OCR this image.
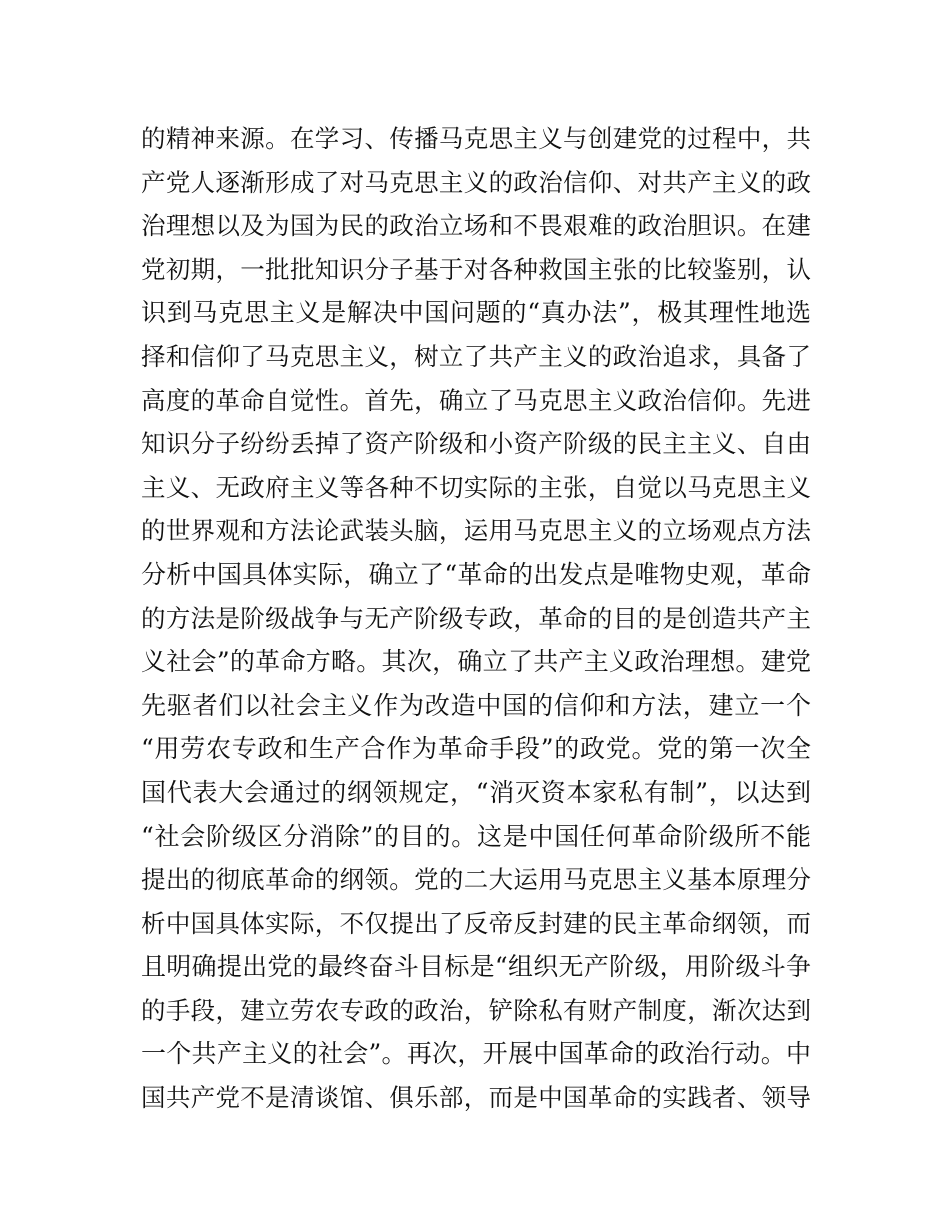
的精神来源。在学习、传播马克思主义与创建党的过程中，共
产党人逐渐形成了对马克思主义的政治信仰、对共产主义的政
治理想以及为国为民的政治立场和不畏艰难的政治胆识。在建
党初期，一批批知识分子基于对各种救国主张的比较鉴别，认
识到马克思主义是解决中国问题的“真办法”，极其理性地选
择和信仰了马克思主义，树立了共产主义的政治追求，具备了
高度的革命自觉性。首先，确立了马克思主义政治信仰。先进
知识分子纷纷丢掉了资产阶级和小资产阶级的民主主义、自由
主义、无政府主义等各种不切实际的主张，自觉以马克思主义
的世界观和方法论武装头脑，运用马克思主义的立场观点方法
分析中国具体实际，确立了“革命的出发点是唯物史观，革命
的方法是阶级战争与无产阶级专政，革命的目的是创造共产主
义社会”的革命方略。其次，确立了共产主义政治理想。建党
先驱者们以社会主义作为改造中国的信仰和方法，建立一个
“用劳农专政和生产合作为革命手段”的政党。党的第一次全
国代表大会通过的纲领规定，“消灭资本家私有制”，以达到
“社会阶级区分消除”的目的。这是中国任何革命阶级所不能
提出的彻底革命的纲领。党的二大运用马克思主义基本原理分
析中国具体实际，不仅提出了反帝反封建的民主革命纲领，而
且明确提出党的最终奋斗目标是“组织无产阶级，用阶级斗争
的手段，建立劳农专政的政治，铲除私有财产制度，渐次达到
一个共产主义的社会”。再次，开展中国革命的政治行动。中
国共产党不是清谈馆、俱乐部，而是中国革命的实践者、领导
